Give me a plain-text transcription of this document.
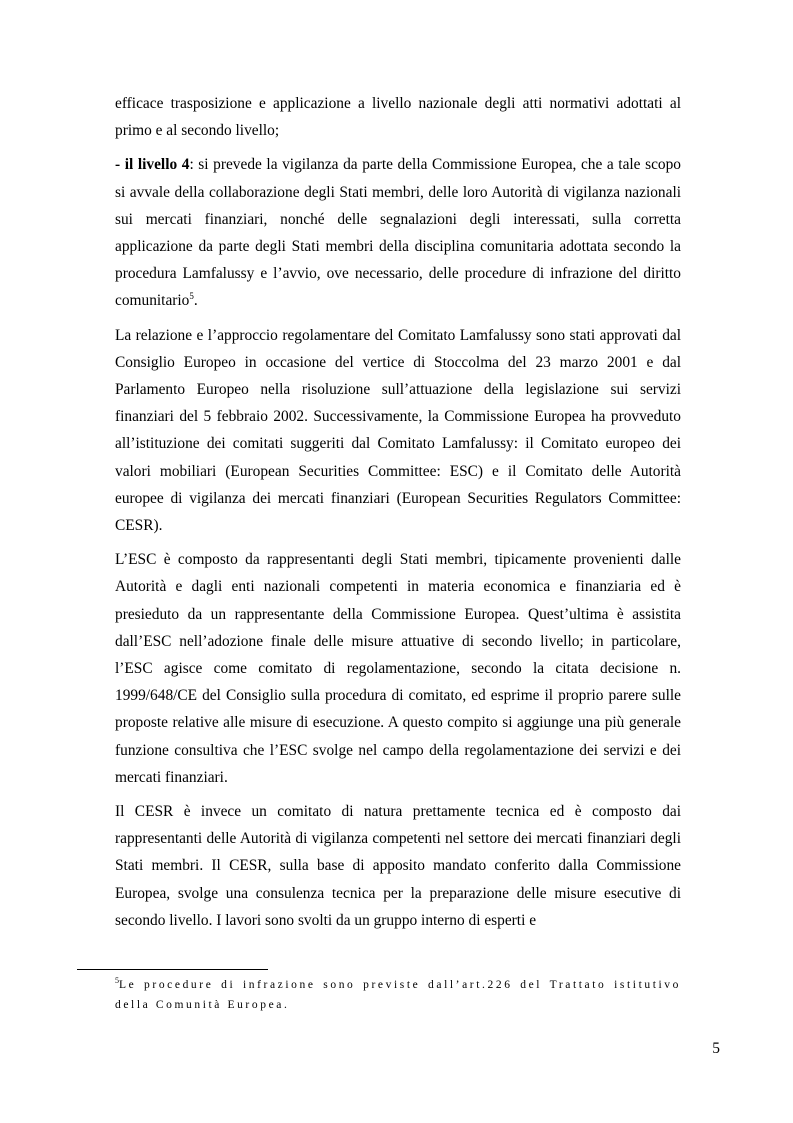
efficace trasposizione e applicazione a livello nazionale degli atti normativi adottati al primo e al secondo livello;

- il livello 4: si prevede la vigilanza da parte della Commissione Europea, che a tale scopo si avvale della collaborazione degli Stati membri, delle loro Autorità di vigilanza nazionali sui mercati finanziari, nonché delle segnalazioni degli interessati, sulla corretta applicazione da parte degli Stati membri della disciplina comunitaria adottata secondo la procedura Lamfalussy e l’avvio, ove necessario, delle procedure di infrazione del diritto comunitario$^5$.

La relazione e l’approccio regolamentare del Comitato Lamfalussy sono stati approvati dal Consiglio Europeo in occasione del vertice di Stoccolma del 23 marzo 2001 e dal Parlamento Europeo nella risoluzione sull’attuazione della legislazione sui servizi finanziari del 5 febbraio 2002. Successivamente, la Commissione Europea ha provveduto all’istituzione dei comitati suggeriti dal Comitato Lamfalussy: il Comitato europeo dei valori mobiliari (European Securities Committee: ESC) e il Comitato delle Autorità europee di vigilanza dei mercati finanziari (European Securities Regulators Committee: CESR).

L’ESC è composto da rappresentanti degli Stati membri, tipicamente provenienti dalle Autorità e dagli enti nazionali competenti in materia economica e finanziaria ed è presieduto da un rappresentante della Commissione Europea. Quest’ultima è assistita dall’ESC nell’adozione finale delle misure attuative di secondo livello; in particolare, l’ESC agisce come comitato di regolamentazione, secondo la citata decisione n. 1999/648/CE del Consiglio sulla procedura di comitato, ed esprime il proprio parere sulle proposte relative alle misure di esecuzione. A questo compito si aggiunge una più generale funzione consultiva che l’ESC svolge nel campo della regolamentazione dei servizi e dei mercati finanziari.

Il CESR è invece un comitato di natura prettamente tecnica ed è composto dai rappresentanti delle Autorità di vigilanza competenti nel settore dei mercati finanziari degli Stati membri. Il CESR, sulla base di apposito mandato conferito dalla Commissione Europea, svolge una consulenza tecnica per la preparazione delle misure esecutive di secondo livello. I lavori sono svolti da un gruppo interno di esperti e

$^5$Le procedure di infrazione sono previste dall’art.226 del Trattato istitutivo della Comunità Europea.
5
